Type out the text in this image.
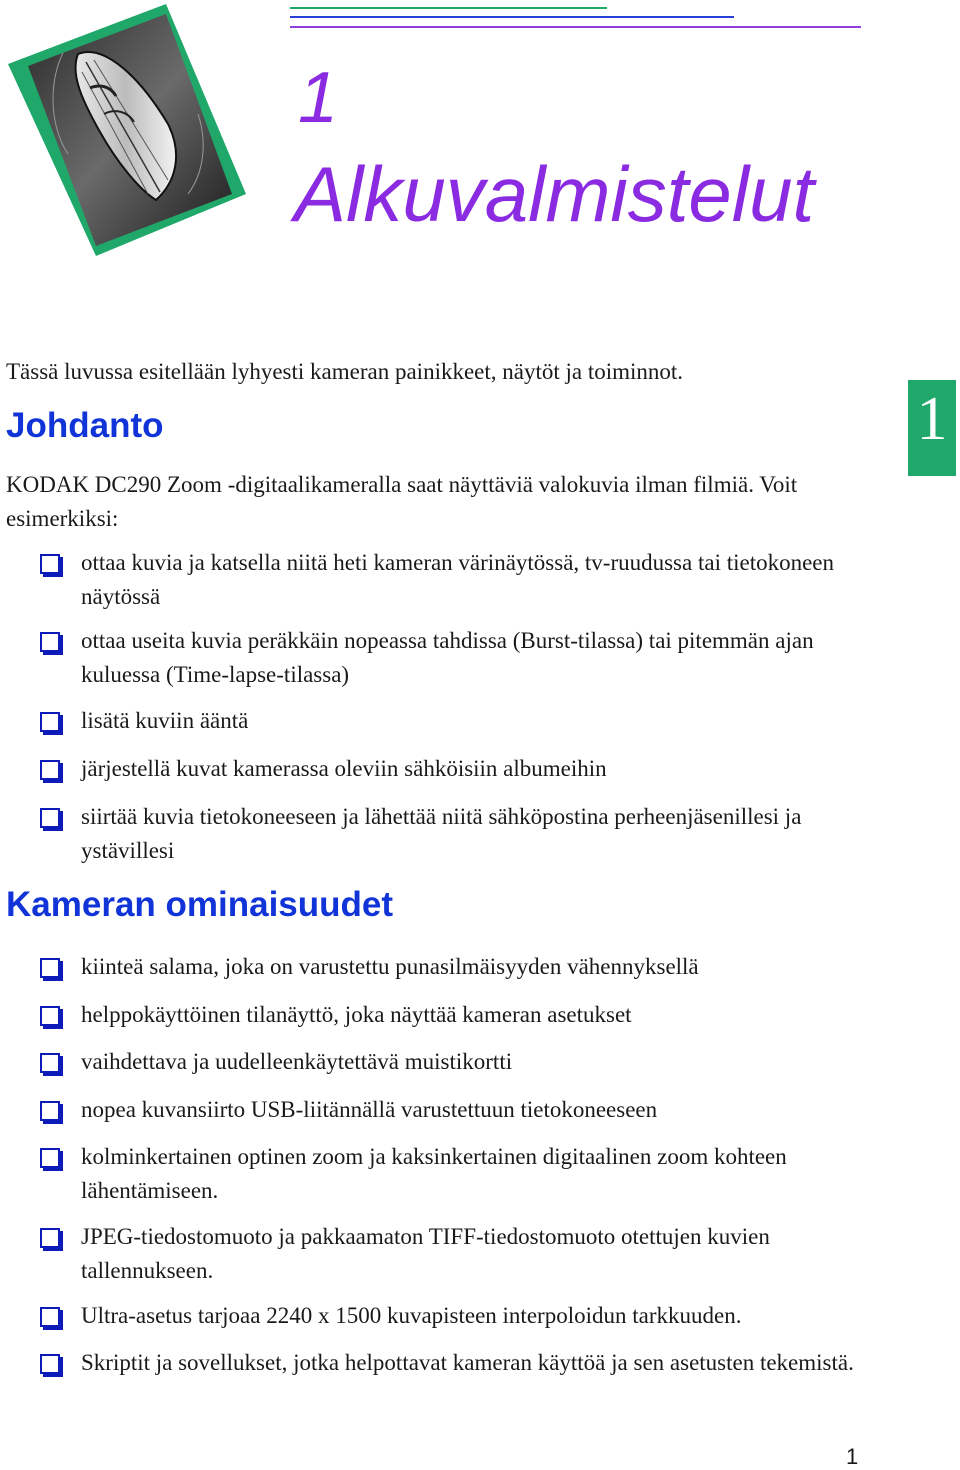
1
Alkuvalmistelut

Tässä luvussa esitellään lyhyesti kameran painikkeet, näytöt ja toiminnot.

Johdanto

KODAK DC290 Zoom -digitaalikameralla saat näyttäviä valokuvia ilman filmiä. Voit esimerkiksi:

ottaa kuvia ja katsella niitä heti kameran värinäytössä, tv-ruudussa tai tietokoneen näytössä
ottaa useita kuvia peräkkäin nopeassa tahdissa (Burst-tilassa) tai pitemmän ajan kuluessa (Time-lapse-tilassa)
lisätä kuviin ääntä
järjestellä kuvat kamerassa oleviin sähköisiin albumeihin
siirtää kuvia tietokoneeseen ja lähettää niitä sähköpostina perheenjäsenillesi ja ystävillesi
Kameran ominaisuudet
kiinteä salama, joka on varustettu punasilmäisyyden vähennyksellä
helppokäyttöinen tilanäyttö, joka näyttää kameran asetukset
vaihdettava ja uudelleenkäytettävä muistikortti
nopea kuvansiirto USB-liitännällä varustettuun tietokoneeseen
kolminkertainen optinen zoom ja kaksinkertainen digitaalinen zoom kohteen lähentämiseen.
JPEG-tiedostomuoto ja pakkaamaton TIFF-tiedostomuoto otettujen kuvien tallennukseen.
Ultra-asetus tarjoaa 2240 x 1500 kuvapisteen interpoloidun tarkkuuden.
Skriptit ja sovellukset, jotka helpottavat kameran käyttöä ja sen asetusten tekemistä.
1
1
